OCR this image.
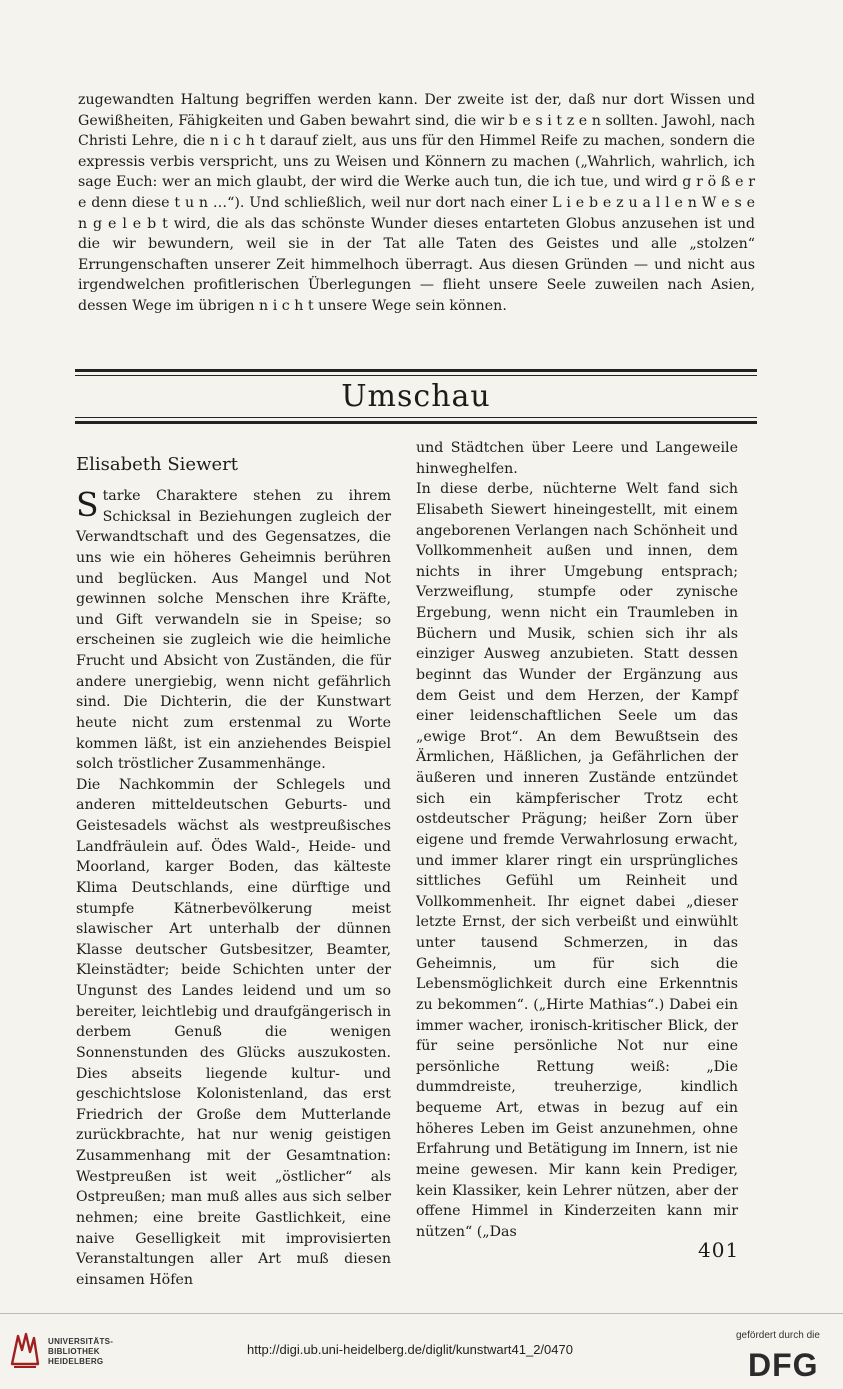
zugewandten Haltung begriffen werden kann. Der zweite ist der, daß nur dort Wissen und Gewißheiten, Fähigkeiten und Gaben bewahrt sind, die wir b e s i t z e n sollten. Jawohl, nach Christi Lehre, die n i c h t darauf zielt, aus uns für den Himmel Reife zu machen, sondern die expressis verbis verspricht, uns zu Weisen und Könnern zu machen („Wahrlich, wahrlich, ich sage Euch: wer an mich glaubt, der wird die Werke auch tun, die ich tue, und wird g r ö ß e r e denn diese t u n …“). Und schließlich, weil nur dort nach einer L i e b e z u a l l e n W e s e n g e l e b t wird, die als das schönste Wunder dieses entarteten Globus anzusehen ist und die wir bewundern, weil sie in der Tat alle Taten des Geistes und alle „stolzen“ Errungenschaften unserer Zeit himmelhoch überragt. Aus diesen Gründen — und nicht aus irgendwelchen profitlerischen Überlegungen — flieht unsere Seele zuweilen nach Asien, dessen Wege im übrigen n i c h t unsere Wege sein können.

Umschau
Elisabeth Siewert

Starke Charaktere stehen zu ihrem Schicksal in Beziehungen zugleich der Verwandtschaft und des Gegensatzes, die uns wie ein höheres Geheimnis berühren und beglücken. Aus Mangel und Not gewinnen solche Menschen ihre Kräfte, und Gift verwandeln sie in Speise; so erscheinen sie zugleich wie die heimliche Frucht und Absicht von Zuständen, die für andere unergiebig, wenn nicht gefährlich sind. Die Dichterin, die der Kunstwart heute nicht zum erstenmal zu Worte kommen läßt, ist ein anziehendes Beispiel solch tröstlicher Zusammenhänge.

Die Nachkommin der Schlegels und anderen mitteldeutschen Geburts- und Geistesadels wächst als westpreußisches Landfräulein auf. Ödes Wald-, Heide- und Moorland, karger Boden, das kälteste Klima Deutschlands, eine dürftige und stumpfe Kätnerbevölkerung meist slawischer Art unterhalb der dünnen Klasse deutscher Gutsbesitzer, Beamter, Kleinstädter; beide Schichten unter der Ungunst des Landes leidend und um so bereiter, leichtlebig und draufgängerisch in derbem Genuß die wenigen Sonnenstunden des Glücks auszukosten. Dies abseits liegende kultur- und geschichtslose Kolonistenland, das erst Friedrich der Große dem Mutterlande zurückbrachte, hat nur wenig geistigen Zusammenhang mit der Gesamtnation: Westpreußen ist weit „östlicher“ als Ostpreußen; man muß alles aus sich selber nehmen; eine breite Gastlichkeit, eine naive Geselligkeit mit improvisierten Veranstaltungen aller Art muß diesen einsamen Höfen

und Städtchen über Leere und Langeweile hinweghelfen.

In diese derbe, nüchterne Welt fand sich Elisabeth Siewert hineingestellt, mit einem angeborenen Verlangen nach Schönheit und Vollkommenheit außen und innen, dem nichts in ihrer Umgebung entsprach; Verzweiflung, stumpfe oder zynische Ergebung, wenn nicht ein Traumleben in Büchern und Musik, schien sich ihr als einziger Ausweg anzubieten. Statt dessen beginnt das Wunder der Ergänzung aus dem Geist und dem Herzen, der Kampf einer leidenschaftlichen Seele um das „ewige Brot“. An dem Bewußtsein des Ärmlichen, Häßlichen, ja Gefährlichen der äußeren und inneren Zustände entzündet sich ein kämpferischer Trotz echt ostdeutscher Prägung; heißer Zorn über eigene und fremde Verwahrlosung erwacht, und immer klarer ringt ein ursprüngliches sittliches Gefühl um Reinheit und Vollkommenheit. Ihr eignet dabei „dieser letzte Ernst, der sich verbeißt und einwühlt unter tausend Schmerzen, in das Geheimnis, um für sich die Lebensmöglichkeit durch eine Erkenntnis zu bekommen“. („Hirte Mathias“.) Dabei ein immer wacher, ironisch-kritischer Blick, der für seine persönliche Not nur eine persönliche Rettung weiß: „Die dummdreiste, treuherzige, kindlich bequeme Art, etwas in bezug auf ein höheres Leben im Geist anzunehmen, ohne Erfahrung und Betätigung im Innern, ist nie meine gewesen. Mir kann kein Prediger, kein Klassiker, kein Lehrer nützen, aber der offene Himmel in Kinderzeiten kann mir nützen“ („Das

401
UNIVERSITÄTS-
BIBLIOTHEK
HEIDELBERG
http://digi.ub.uni-heidelberg.de/diglit/kunstwart41_2/0470
gefördert durch die
DFG
